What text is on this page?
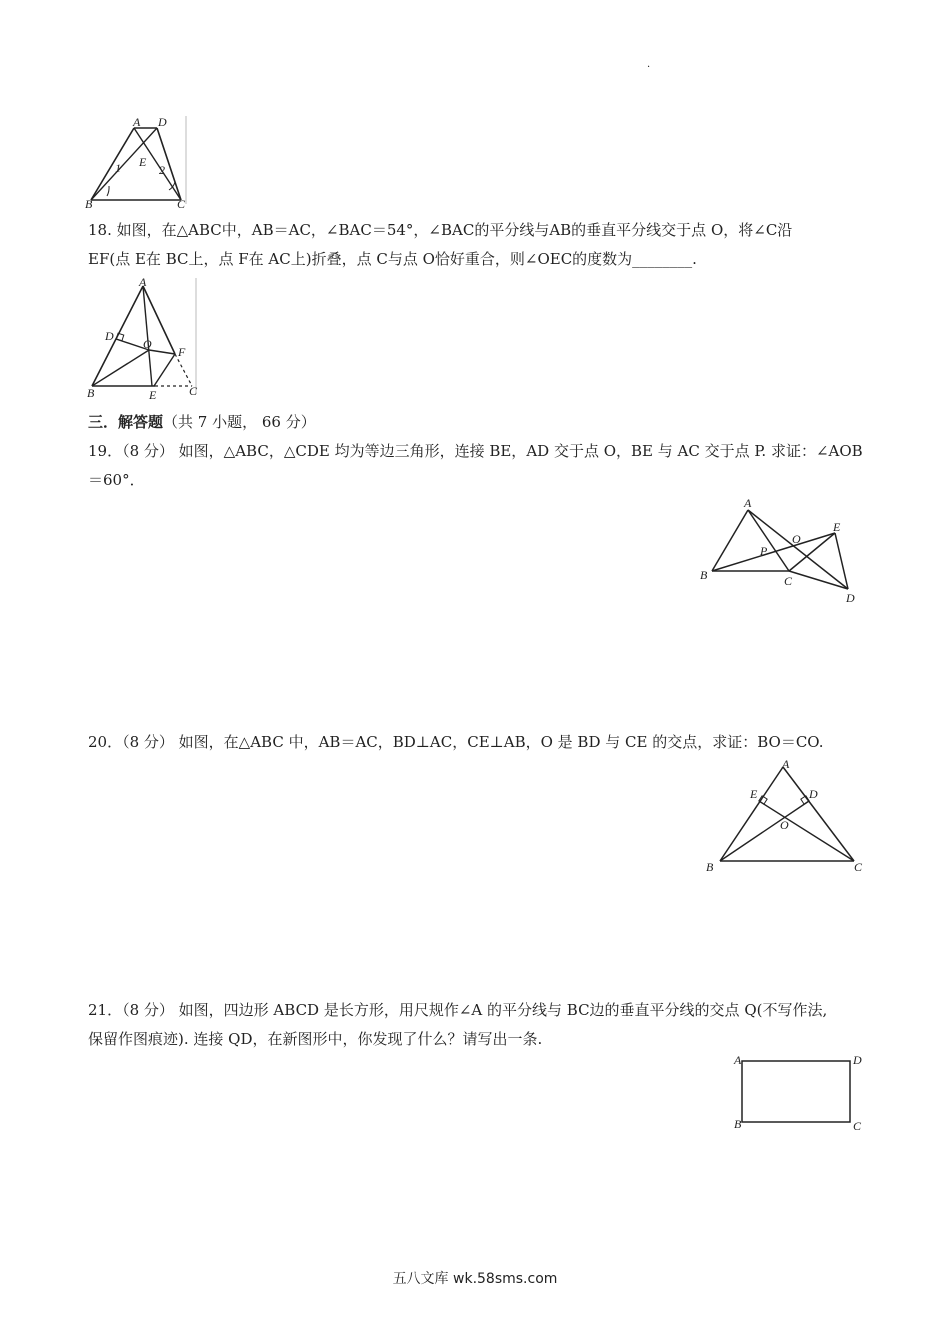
·
A D
E
B	C
1	2
18. 如图，在△ABC中，AB＝AC，∠BAC＝54°，∠BAC的平分线与AB的垂直平分线交于点 O，将∠C沿
EF(点 E在 BC上，点 F在 AC上)折叠，点 C与点 O恰好重合，则∠OEC的度数为________.
A
D
O
F
B	E	C
三．解答题（共 7 小题， 66 分）
19．（8 分） 如图，△ABC，△CDE 均为等边三角形，连接 BE，AD 交于点 O，BE 与 AC 交于点 P. 求证：∠AOB
＝60°．
A
O
E
P
B	C
D
20．（8 分） 如图，在△ABC 中，AB＝AC，BD⊥AC，CE⊥AB，O 是 BD 与 CE 的交点，求证：BO＝CO.
A
E	D
O
B	C
21．（8 分） 如图，四边形 ABCD 是长方形，用尺规作∠A 的平分线与 BC边的垂直平分线的交点 Q(不写作法,
保留作图痕迹). 连接 QD，在新图形中，你发现了什么？请写出一条.
A	D
B	C
五八文库 wk.58sms.com
